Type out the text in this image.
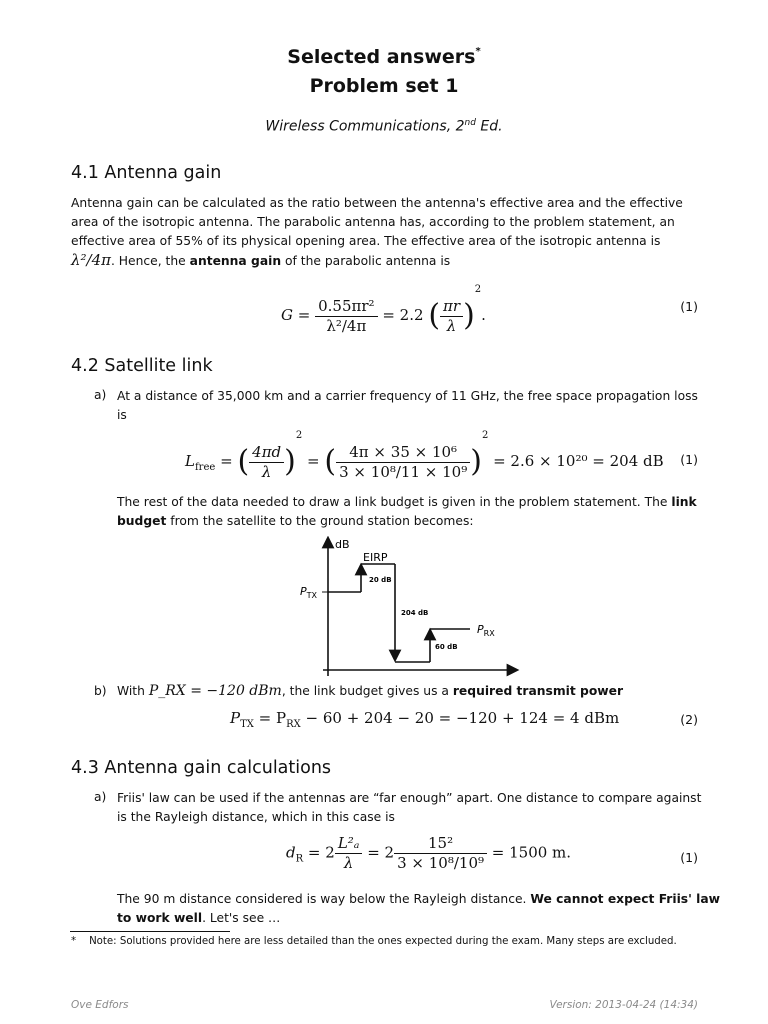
Selected answers*
Problem set 1
Wireless Communications, 2nd Ed.
4.1 Antenna gain
Antenna gain can be calculated as the ratio between the antenna's effective area and the effective
area of the isotropic antenna. The parabolic antenna has, according to the problem statement, an
effective area of 55% of its physical opening area. The effective area of the isotropic antenna is
λ²/4π. Hence, the antenna gain of the parabolic antenna is
$G = \frac{\text{0.55πr²}}{\text{λ²/4π}} = 2.2$ ( $\frac{\pi r}{\lambda} )^2$.	(1)
4.2 Satellite link
a) At a distance of 35,000 km and a carrier frequency of 11 GHz, the free space propagation loss
is
$L_{free}$ = ( $\frac{4\pi d}{\lambda} )^2$ = ( $\frac{\text{4π × 35 × 10⁶}}{\text{3 × 10⁸/11 × 10⁹}} )^2 = 2.6 \times 10^{20} = 204$ dB (1)
The rest of the data needed to draw a link budget is given in the problem statement. The link
budget from the satellite to the ground station becomes:
dB
$P_{TX}$
EIRP
20 dB
204 dB
60 dB
$P_{RX}$
b) With P_RX = −120 dBm, the link budget gives us a required transmit power
$P_{TX} = P_{RX} - 60 + 204 - 20 = -120 + 124 = 4$ dBm	(2)
4.3 Antenna gain calculations
a) Friis' law can be used if the antennas are “far enough” apart. One distance to compare against
is the Rayleigh distance, which in this case is
$d_R = 2 \frac{\text{L²ₐ}}{\lambda} = 2 \frac{\text{15²}}{\text{3 × 10⁸/10⁹}} = 1500$ m.	(1)
The 90 m distance considered is way below the Rayleigh distance. We cannot expect Friis' law
to work well. Let's see …
* Note: Solutions provided here are less detailed than the ones expected during the exam. Many steps are excluded.
Ove Edfors	Version: 2013-04-24 (14:34)
